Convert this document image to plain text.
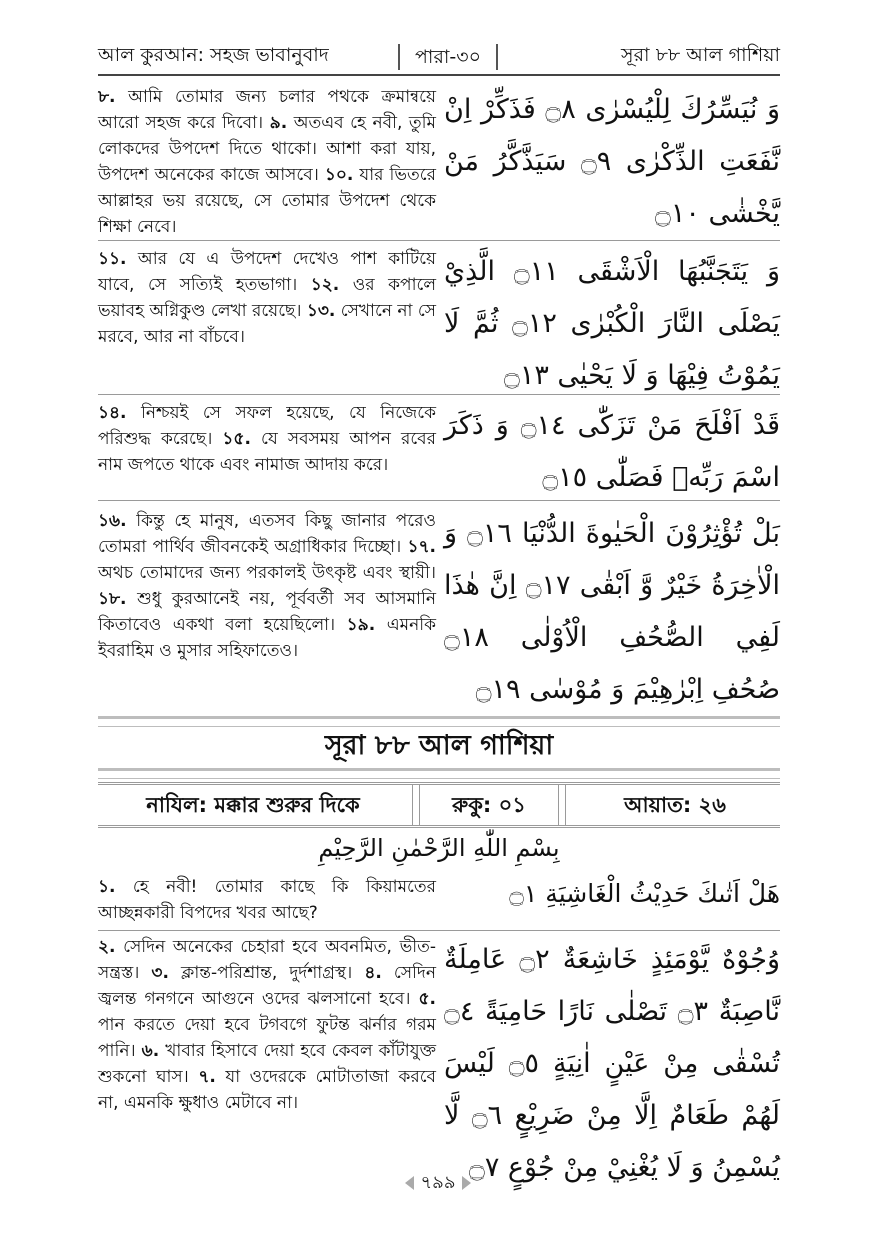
আল কুরআন: সহজ ভাবানুবাদ	পারা-৩০	সূরা ৮৮ আল গাশিয়া
৮. আমি তোমার জন্য চলার পথকে ক্রমান্বয়ে আরো সহজ করে দিবো। ৯. অতএব হে নবী, তুমি লোকদের উপদেশ দিতে থাকো। আশা করা যায়, উপদেশ অনেকের কাজে আসবে। ১০. যার ভিতরে আল্লাহর ভয় রয়েছে, সে তোমার উপদেশ থেকে শিক্ষা নেবে।
وَ نُيَسِّرُكَ لِلْيُسْرٰى ۝٨ فَذَكِّرْ اِنْ نَّفَعَتِ الذِّكْرٰى ۝٩ سَيَذَّكَّرُ مَنْ يَّخْشٰى ۝١٠
১১. আর যে এ উপদেশ দেখেও পাশ কাটিয়ে যাবে, সে সত্যিই হতভাগা। ১২. ওর কপালে ভয়াবহ অগ্নিকুণ্ড লেখা রয়েছে। ১৩. সেখানে না সে মরবে, আর না বাঁচবে।
وَ يَتَجَنَّبُهَا الْاَشْقَى ۝١١ الَّذِيْ يَصْلَى النَّارَ الْكُبْرٰى ۝١٢ ثُمَّ لَا يَمُوْتُ فِيْهَا وَ لَا يَحْيٰى ۝١٣
১৪. নিশ্চয়ই সে সফল হয়েছে, যে নিজেকে পরিশুদ্ধ করেছে। ১৫. যে সবসময় আপন রবের নাম জপতে থাকে এবং নামাজ আদায় করে।
قَدْ اَفْلَحَ مَنْ تَزَكّٰى ۝١٤ وَ ذَكَرَ اسْمَ رَبِّهٖ فَصَلّٰى ۝١٥
১৬. কিন্তু হে মানুষ, এতসব কিছু জানার পরেও তোমরা পার্থিব জীবনকেই অগ্রাধিকার দিচ্ছো। ১৭. অথচ তোমাদের জন্য পরকালই উৎকৃষ্ট এবং স্থায়ী। ১৮. শুধু কুরআনেই নয়, পূর্ববর্তী সব আসমানি কিতাবেও একথা বলা হয়েছিলো। ১৯. এমনকি ইবরাহিম ও মুসার সহিফাতেও।
بَلْ تُؤْثِرُوْنَ الْحَيٰوةَ الدُّنْيَا ۝١٦ وَ الْاٰخِرَةُ خَيْرٌ وَّ اَبْقٰى ۝١٧ اِنَّ هٰذَا لَفِي الصُّحُفِ الْاُوْلٰى ۝١٨ صُحُفِ اِبْرٰهِيْمَ وَ مُوْسٰى ۝١٩
সূরা ৮৮ আল গাশিয়া
নাযিল: মক্কার শুরুর দিকে	রুকু: ০১	আয়াত: ২৬
بِسْمِ اللّٰهِ الرَّحْمٰنِ الرَّحِيْمِ
১. হে নবী! তোমার কাছে কি কিয়ামতের আচ্ছন্নকারী বিপদের খবর আছে?
هَلْ اَتٰىكَ حَدِيْثُ الْغَاشِيَةِ ۝١
২. সেদিন অনেকের চেহারা হবে অবনমিত, ভীত-সন্ত্রস্ত। ৩. ক্লান্ত-পরিশ্রান্ত, দুর্দশাগ্রস্থ। ৪. সেদিন জ্বলন্ত গনগনে আগুনে ওদের ঝলসানো হবে। ৫. পান করতে দেয়া হবে টগবগে ফুটন্ত ঝর্নার গরম পানি। ৬. খাবার হিসাবে দেয়া হবে কেবল কাঁটাযুক্ত শুকনো ঘাস। ৭. যা ওদেরকে মোটাতাজা করবে না, এমনকি ক্ষুধাও মেটাবে না।
وُجُوْهٌ يَّوْمَئِذٍ خَاشِعَةٌ ۝٢ عَامِلَةٌ نَّاصِبَةٌ ۝٣ تَصْلٰى نَارًا حَامِيَةً ۝٤ تُسْقٰى مِنْ عَيْنٍ اٰنِيَةٍ ۝٥ لَيْسَ لَهُمْ طَعَامٌ اِلَّا مِنْ ضَرِيْعٍ ۝٦ لَّا يُسْمِنُ وَ لَا يُغْنِيْ مِنْ جُوْعٍ ۝٧
৭৯৯
